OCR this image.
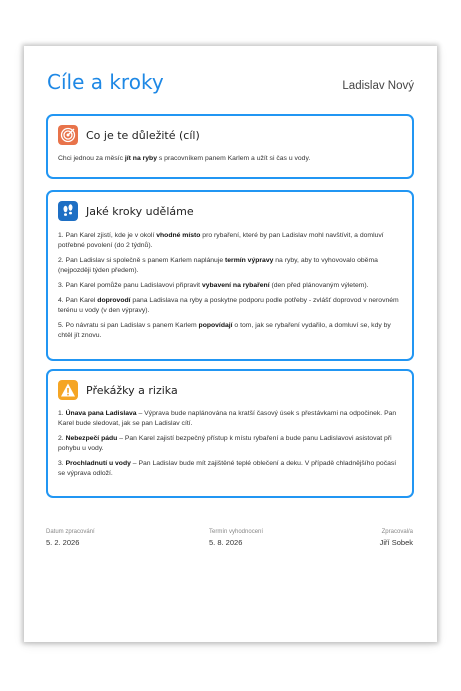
Cíle a kroky	Ladislav Nový
Co je te důležité (cíl)
Chci jednou za měsíc jít na ryby s pracovníkem panem Karlem a užít si čas u vody.
Jaké kroky uděláme

1. Pan Karel zjistí, kde je v okolí vhodné místo pro rybaření, které by pan Ladislav mohl navštívit, a domluví potřebné povolení (do 2 týdnů).

2. Pan Ladislav si společně s panem Karlem naplánuje termín výpravy na ryby, aby to vyhovovalo oběma (nejpozději týden předem).

3. Pan Karel pomůže panu Ladislavovi připravit vybavení na rybaření (den před plánovaným výletem).

4. Pan Karel doprovodí pana Ladislava na ryby a poskytne podporu podle potřeby - zvlášť doprovod v nerovném terénu u vody (v den výpravy).

5. Po návratu si pan Ladislav s panem Karlem popovídají o tom, jak se rybaření vydařilo, a domluví se, kdy by chtěl jít znovu.

Překážky a rizika

1. Únava pana Ladislava – Výprava bude naplánována na kratší časový úsek s přestávkami na odpočinek. Pan Karel bude sledovat, jak se pan Ladislav cítí.

2. Nebezpečí pádu – Pan Karel zajistí bezpečný přístup k místu rybaření a bude panu Ladislavovi asistovat při pohybu u vody.

3. Prochladnutí u vody – Pan Ladislav bude mít zajištěné teplé oblečení a deku. V případě chladnějšího počasí se výprava odloží.

Datum zpracování
5. 2. 2026
Termín vyhodnocení
5. 8. 2026
Zpracoval/a
Jiří Sobek
